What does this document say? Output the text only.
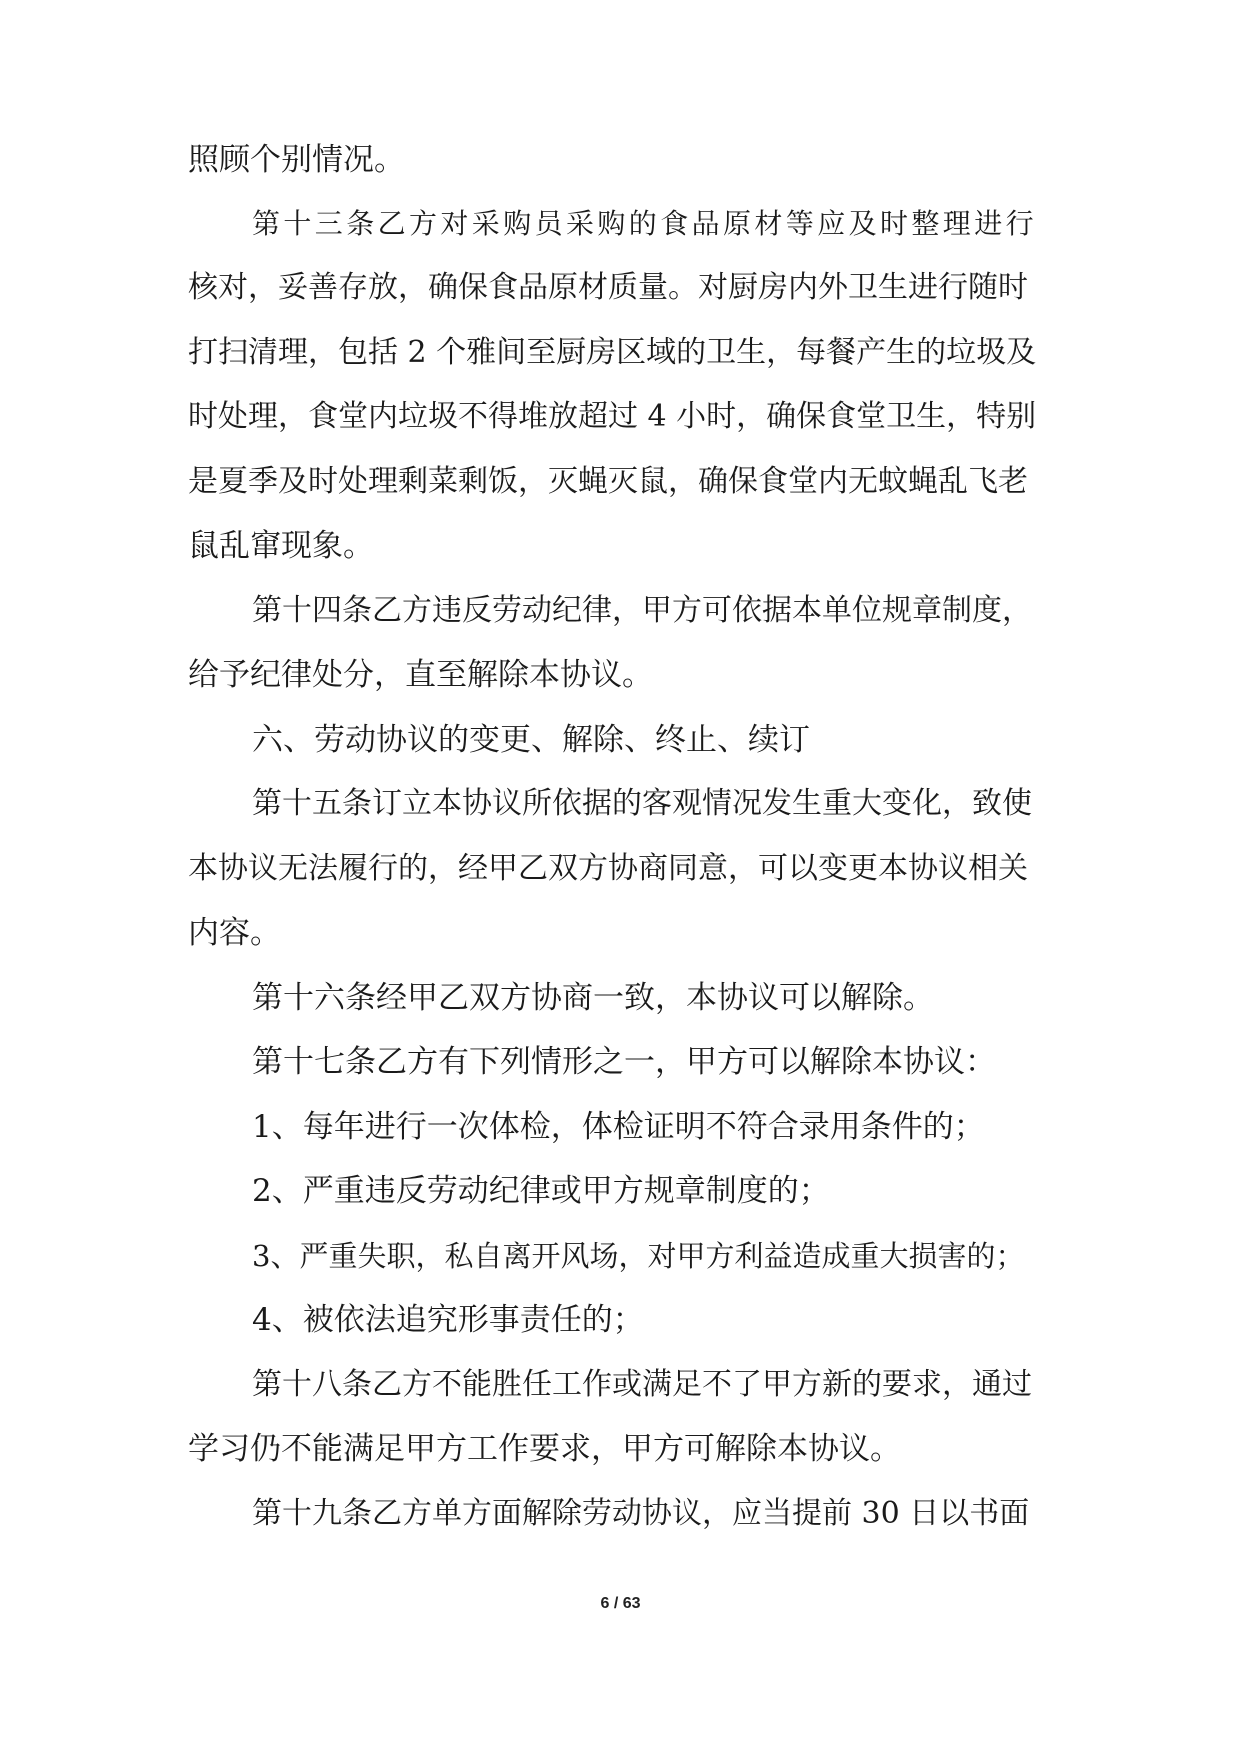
照顾个别情况。
第十三条乙方对采购员采购的食品原材等应及时整理进行
核对，妥善存放，确保食品原材质量。对厨房内外卫生进行随时
打扫清理，包括 2 个雅间至厨房区域的卫生，每餐产生的垃圾及
时处理，食堂内垃圾不得堆放超过 4 小时，确保食堂卫生，特别
是夏季及时处理剩菜剩饭，灭蝇灭鼠，确保食堂内无蚊蝇乱飞老
鼠乱窜现象。
第十四条乙方违反劳动纪律，甲方可依据本单位规章制度，
给予纪律处分，直至解除本协议。
六、劳动协议的变更、解除、终止、续订
第十五条订立本协议所依据的客观情况发生重大变化，致使
本协议无法履行的，经甲乙双方协商同意，可以变更本协议相关
内容。
第十六条经甲乙双方协商一致，本协议可以解除。
第十七条乙方有下列情形之一，甲方可以解除本协议：
1、每年进行一次体检，体检证明不符合录用条件的；
2、严重违反劳动纪律或甲方规章制度的；
3、严重失职，私自离开风场，对甲方利益造成重大损害的；
4、被依法追究形事责任的；
第十八条乙方不能胜任工作或满足不了甲方新的要求，通过
学习仍不能满足甲方工作要求，甲方可解除本协议。
第十九条乙方单方面解除劳动协议，应当提前 30 日以书面
6 / 63
